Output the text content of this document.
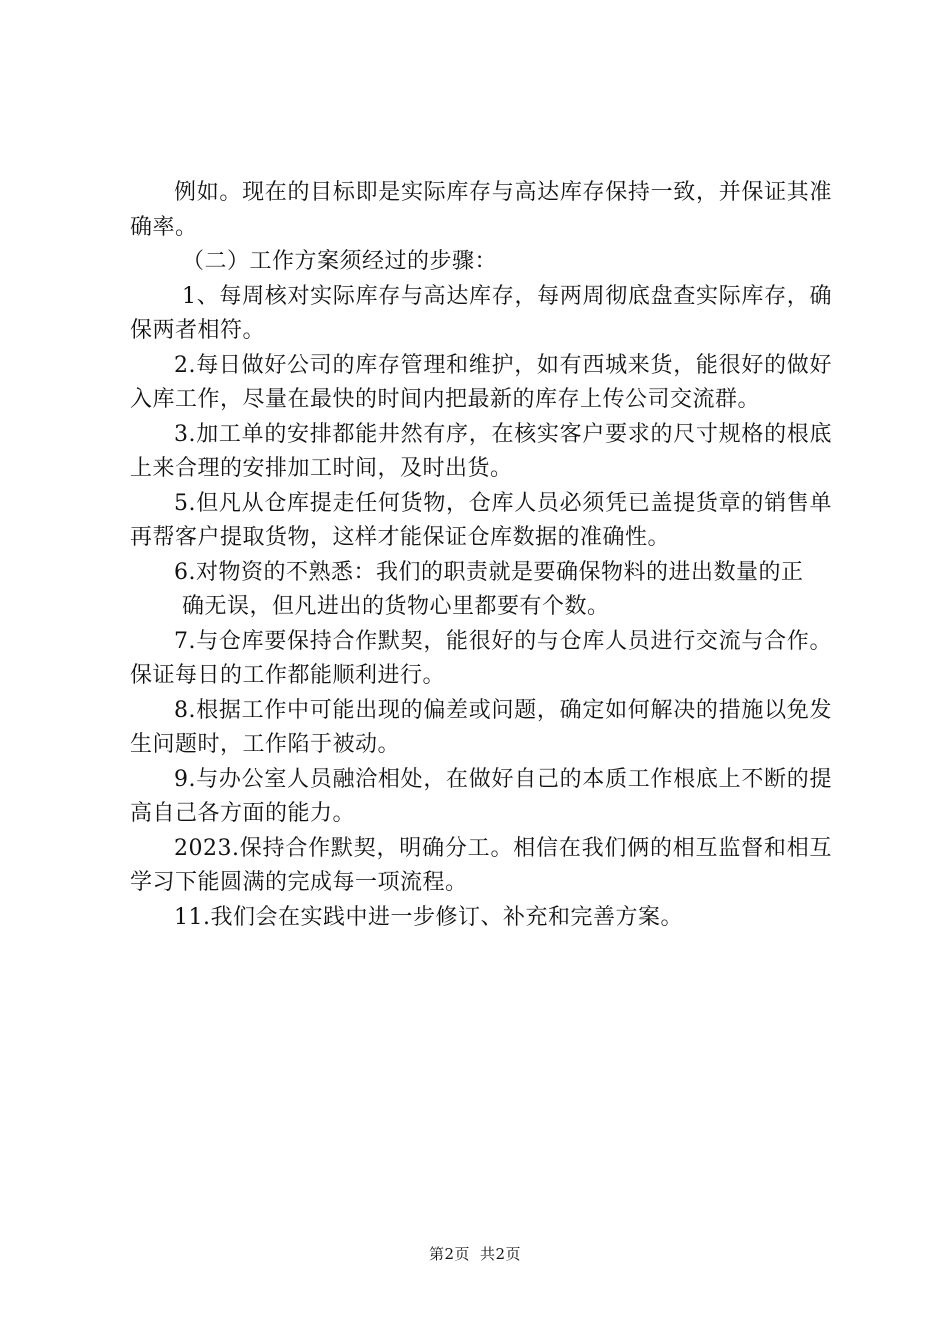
例如。现在的目标即是实际库存与高达库存保持一致，并保证其准确率。

（二）工作方案须经过的步骤：

1、每周核对实际库存与高达库存，每两周彻底盘查实际库存，确保两者相符。

2.每日做好公司的库存管理和维护，如有西城来货，能很好的做好入库工作，尽量在最快的时间内把最新的库存上传公司交流群。

3.加工单的安排都能井然有序，在核实客户要求的尺寸规格的根底上来合理的安排加工时间，及时出货。

5.但凡从仓库提走任何货物，仓库人员必须凭已盖提货章的销售单再帮客户提取货物，这样才能保证仓库数据的准确性。

6.对物资的不熟悉：我们的职责就是要确保物料的进出数量的正

确无误，但凡进出的货物心里都要有个数。

7.与仓库要保持合作默契，能很好的与仓库人员进行交流与合作。保证每日的工作都能顺利进行。

8.根据工作中可能出现的偏差或问题，确定如何解决的措施以免发生问题时，工作陷于被动。

9.与办公室人员融洽相处，在做好自己的本质工作根底上不断的提高自己各方面的能力。

2023.保持合作默契，明确分工。相信在我们俩的相互监督和相互学习下能圆满的完成每一项流程。

11.我们会在实践中进一步修订、补充和完善方案。

第2页 共2页
